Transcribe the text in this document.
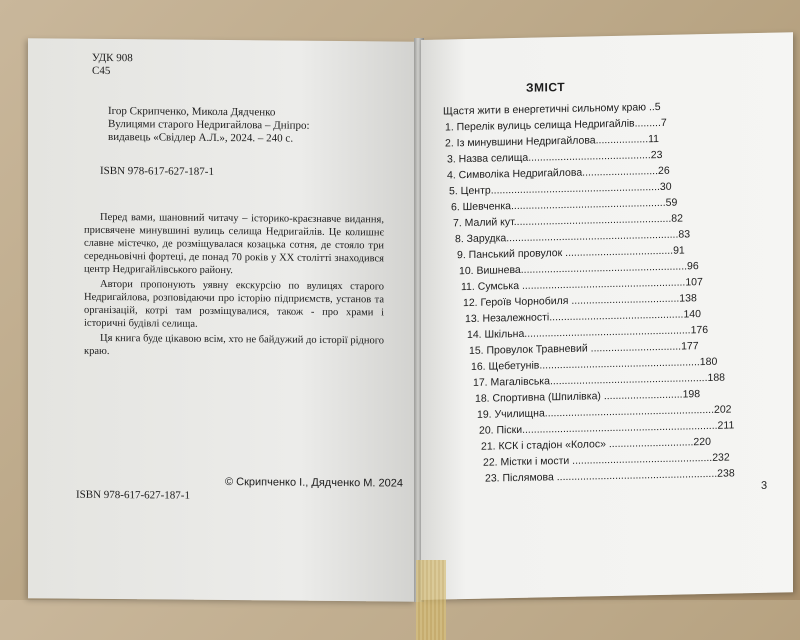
УДК 908
С45
Ігор Скрипченко, Микола Дядченко
Вулицями старого Недригайлова – Дніпро:
видавець «Свідлер А.Л.», 2024. – 240 с.
ISBN 978-617-627-187-1

Перед вами, шановний читачу – історико-краєзнавче видання, присвячене минувшині вулиць селища Недригайлів. Це колишнє славне містечко, де розміщувалася козацька сотня, де стояло три середньовічні фортеці, де понад 70 років у XX столітті знаходився центр Недригайлівського району.

Автори пропонують уявну екскурсію по вулицях старого Недригайлова, розповідаючи про історію підприємств, установ та організацій, котрі там розміщувалися, також - про храми і історичні будівлі селища.

Ця книга буде цікавою всім, хто не байдужий до історії рідного краю.

ISBN 978-617-627-187-1
© Скрипченко І., Дядченко М. 2024
ЗМІСТ
Щастя жити в енергетичні сильному краю ..5
1. Перелік вулиць селища Недригайлів.........7
2. Із минувшини Недригайлова..................11
3. Назва селища..........................................23
4. Символіка Недригайлова..........................26
5. Центр..........................................................30
6. Шевченка.....................................................59
7. Малий кут......................................................82
8. Зарудка...........................................................83
9. Панський провулок .....................................91
10. Вишнева.........................................................96
11. Сумська ........................................................107
12. Героїв Чорнобиля .....................................138
13. Незалежності..............................................140
14. Шкільна.........................................................176
15. Провулок Травневий ...............................177
16. Щебетунів.......................................................180
17. Магалівська......................................................188
18. Спортивна (Шпилівка) ...........................198
19. Училищна..........................................................202
20. Піски...................................................................211
21. КСК і стадіон «Колос» .............................220
22. Містки і мости ................................................232
23. Післямова .......................................................238
3
